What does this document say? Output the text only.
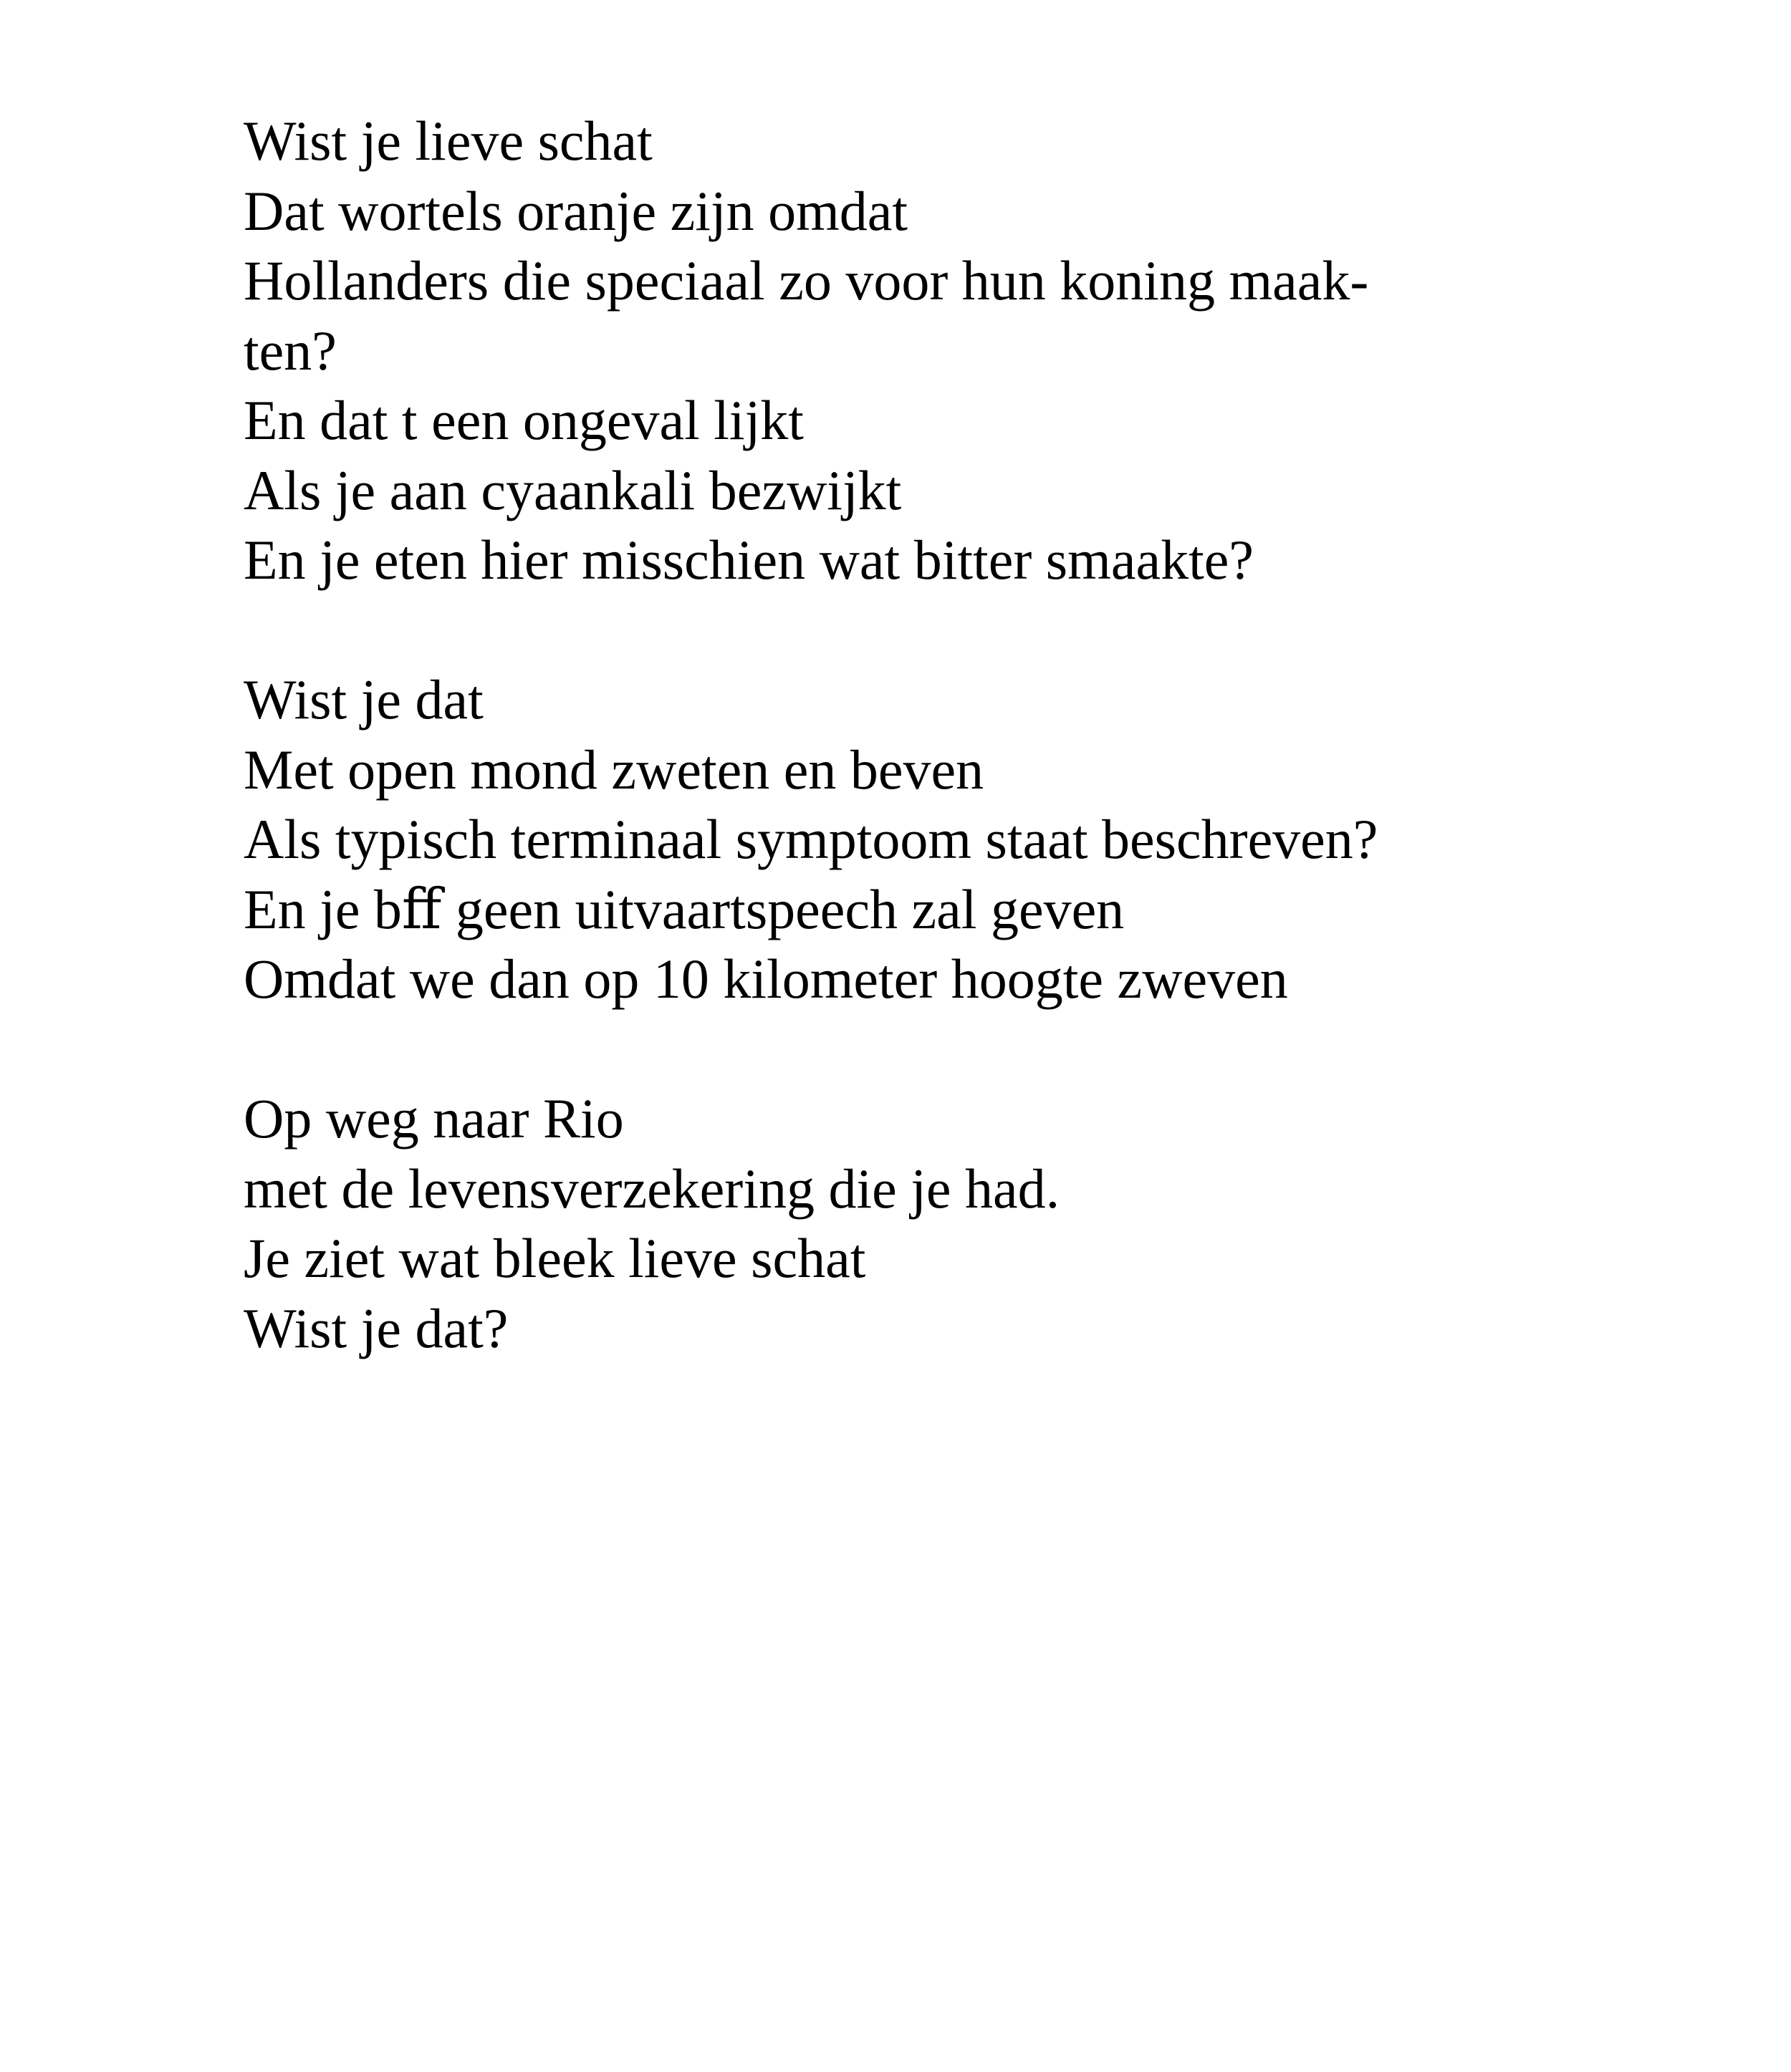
Wist je lieve schat
Dat wortels oranje zijn omdat
Hollanders die speciaal zo voor hun koning maak-
ten?
En dat t een ongeval lijkt
Als je aan cyaankali bezwijkt
En je eten hier misschien wat bitter smaakte?
Wist je dat
Met open mond zweten en beven
Als typisch terminaal symptoom staat beschreven?
En je bﬀ geen uitvaartspeech zal geven
Omdat we dan op 10 kilometer hoogte zweven
Op weg naar Rio
met de levensverzekering die je had.
Je ziet wat bleek lieve schat
Wist je dat?
